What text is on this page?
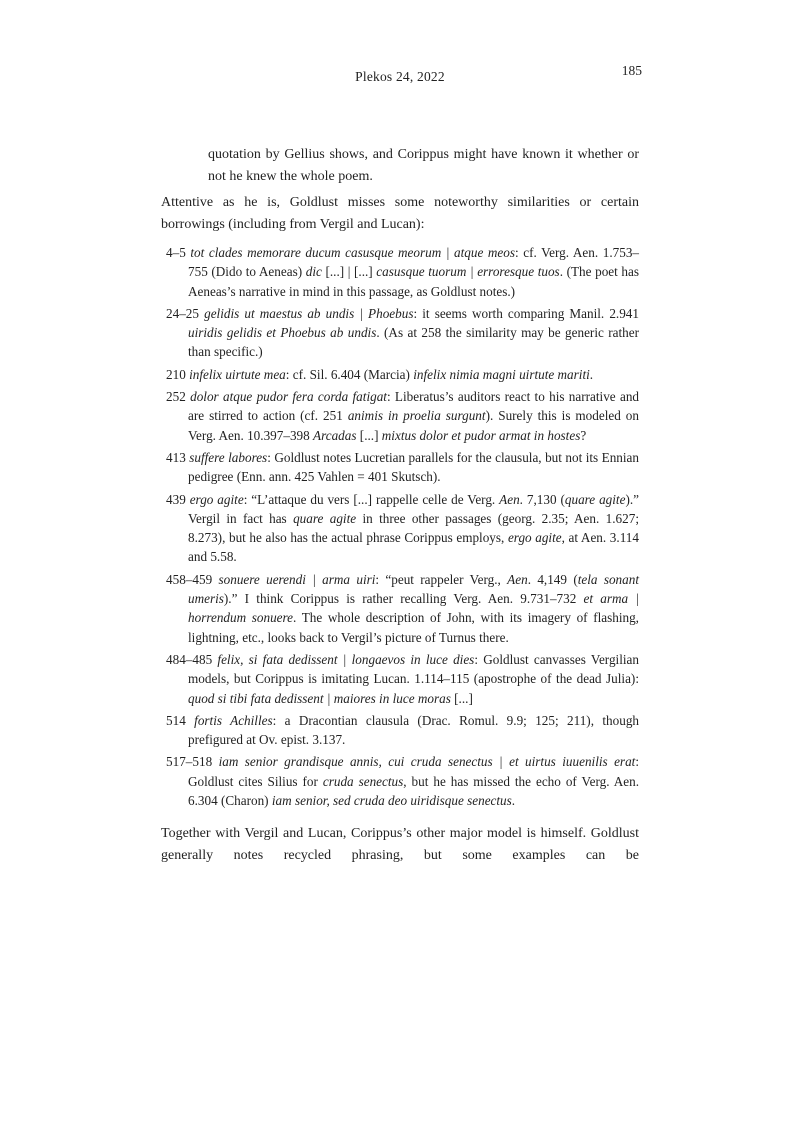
Plekos 24, 2022	185

quotation by Gellius shows, and Corippus might have known it whether or not he knew the whole poem.

Attentive as he is, Goldlust misses some noteworthy similarities or certain borrowings (including from Vergil and Lucan):

4–5 tot clades memorare ducum casusque meorum | atque meos: cf. Verg. Aen. 1.753–755 (Dido to Aeneas) dic [...] | [...] casusque tuorum | erroresque tuos. (The poet has Aeneas’s narrative in mind in this passage, as Goldlust notes.)

24–25 gelidis ut maestus ab undis | Phoebus: it seems worth comparing Manil. 2.941 uiridis gelidis et Phoebus ab undis. (As at 258 the similarity may be generic rather than specific.)

210 infelix uirtute mea: cf. Sil. 6.404 (Marcia) infelix nimia magni uirtute mariti.

252 dolor atque pudor fera corda fatigat: Liberatus’s auditors react to his narrative and are stirred to action (cf. 251 animis in proelia surgunt). Surely this is modeled on Verg. Aen. 10.397–398 Arcadas [...] mixtus dolor et pudor armat in hostes?

413 suffere labores: Goldlust notes Lucretian parallels for the clausula, but not its Ennian pedigree (Enn. ann. 425 Vahlen = 401 Skutsch).

439 ergo agite: “L’attaque du vers [...] rappelle celle de Verg. Aen. 7,130 (quare agite).” Vergil in fact has quare agite in three other passages (georg. 2.35; Aen. 1.627; 8.273), but he also has the actual phrase Corippus employs, ergo agite, at Aen. 3.114 and 5.58.

458–459 sonuere uerendi | arma uiri: “peut rappeler Verg., Aen. 4,149 (tela sonant umeris).” I think Corippus is rather recalling Verg. Aen. 9.731–732 et arma | horrendum sonuere. The whole description of John, with its imagery of flashing, lightning, etc., looks back to Vergil’s picture of Turnus there.

484–485 felix, si fata dedissent | longaevos in luce dies: Goldlust canvasses Vergilian models, but Corippus is imitating Lucan. 1.114–115 (apostrophe of the dead Julia): quod si tibi fata dedissent | maiores in luce moras [...]

514 fortis Achilles: a Dracontian clausula (Drac. Romul. 9.9; 125; 211), though prefigured at Ov. epist. 3.137.

517–518 iam senior grandisque annis, cui cruda senectus | et uirtus iuuenilis erat: Goldlust cites Silius for cruda senectus, but he has missed the echo of Verg. Aen. 6.304 (Charon) iam senior, sed cruda deo uiridisque senectus.

Together with Vergil and Lucan, Corippus’s other major model is himself. Goldlust generally notes recycled phrasing, but some examples can be
